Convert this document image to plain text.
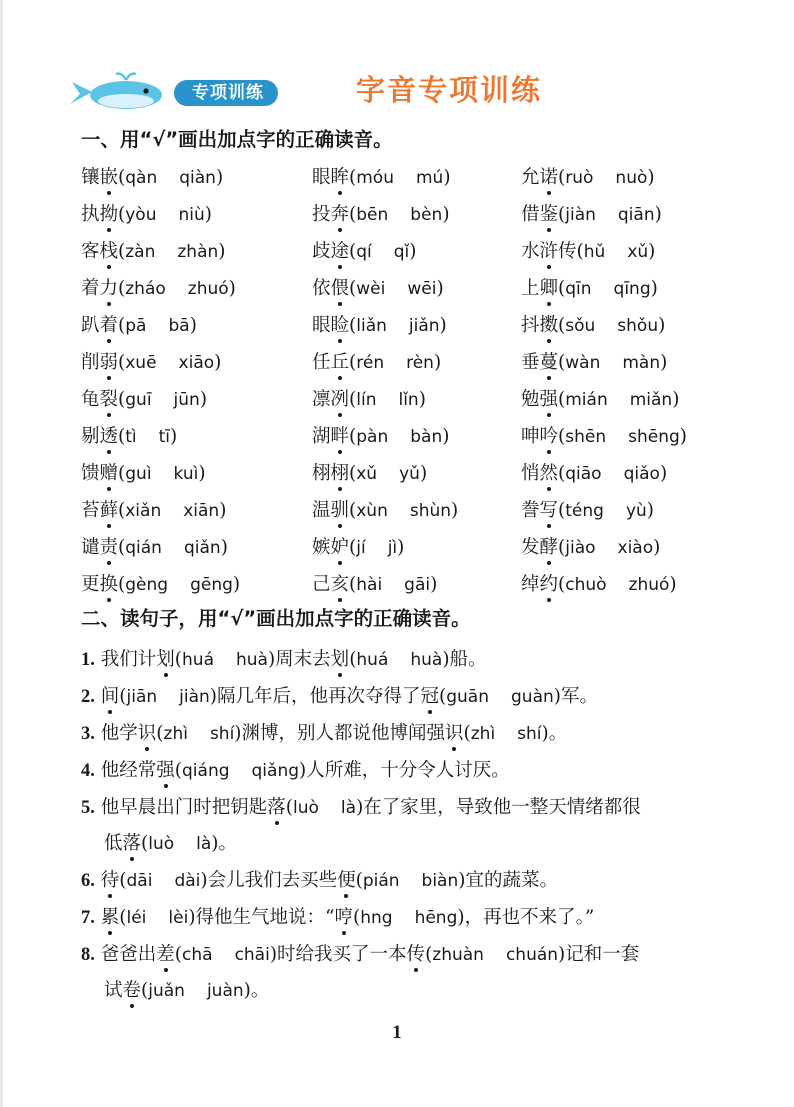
专项训练	字音专项训练
一、用“√”画出加点字的正确读音。
镶嵌(qàn qiàn)
执拗(yòu niù)
客栈(zàn zhàn)
着力(zháo zhuó)
趴着(pā bā)
削弱(xuē xiāo)
龟裂(guī jūn)
剔透(tì tī)
馈赠(guì kuì)
苔藓(xiǎn xiān)
谴责(qián qiǎn)
更换(gèng gēng)
眼眸(móu mú)
投奔(bēn bèn)
歧途(qí qǐ)
依偎(wèi wēi)
眼睑(liǎn jiǎn)
任丘(rén rèn)
凛冽(lín lǐn)
湖畔(pàn bàn)
栩栩(xǔ yǔ)
温驯(xùn shùn)
嫉妒(jí jì)
己亥(hài gāi)
允诺(ruò nuò)
借鉴(jiàn qiān)
水浒传(hǔ xǔ)
上卿(qīn qīng)
抖擞(sǒu shǒu)
垂蔓(wàn màn)
勉强(mián miǎn)
呻吟(shēn shēng)
悄然(qiāo qiǎo)
誊写(téng yù)
发酵(jiào xiào)
绰约(chuò zhuó)
二、读句子，用“√”画出加点字的正确读音。
1. 我们计划(huá huà)周末去划(huá huà)船。
2. 间(jiān jiàn)隔几年后，他再次夺得了冠(guān guàn)军。
3. 他学识(zhì shí)渊博，别人都说他博闻强识(zhì shí)。
4. 他经常强(qiáng qiǎng)人所难，十分令人讨厌。
5. 他早晨出门时把钥匙落(luò là)在了家里，导致他一整天情绪都很
低落(luò là)。
6. 待(dāi dài)会儿我们去买些便(pián biàn)宜的蔬菜。
7. 累(léi lèi)得他生气地说：“哼(hng hēng)，再也不来了。”
8. 爸爸出差(chā chāi)时给我买了一本传(zhuàn chuán)记和一套
试卷(juǎn juàn)。
1
